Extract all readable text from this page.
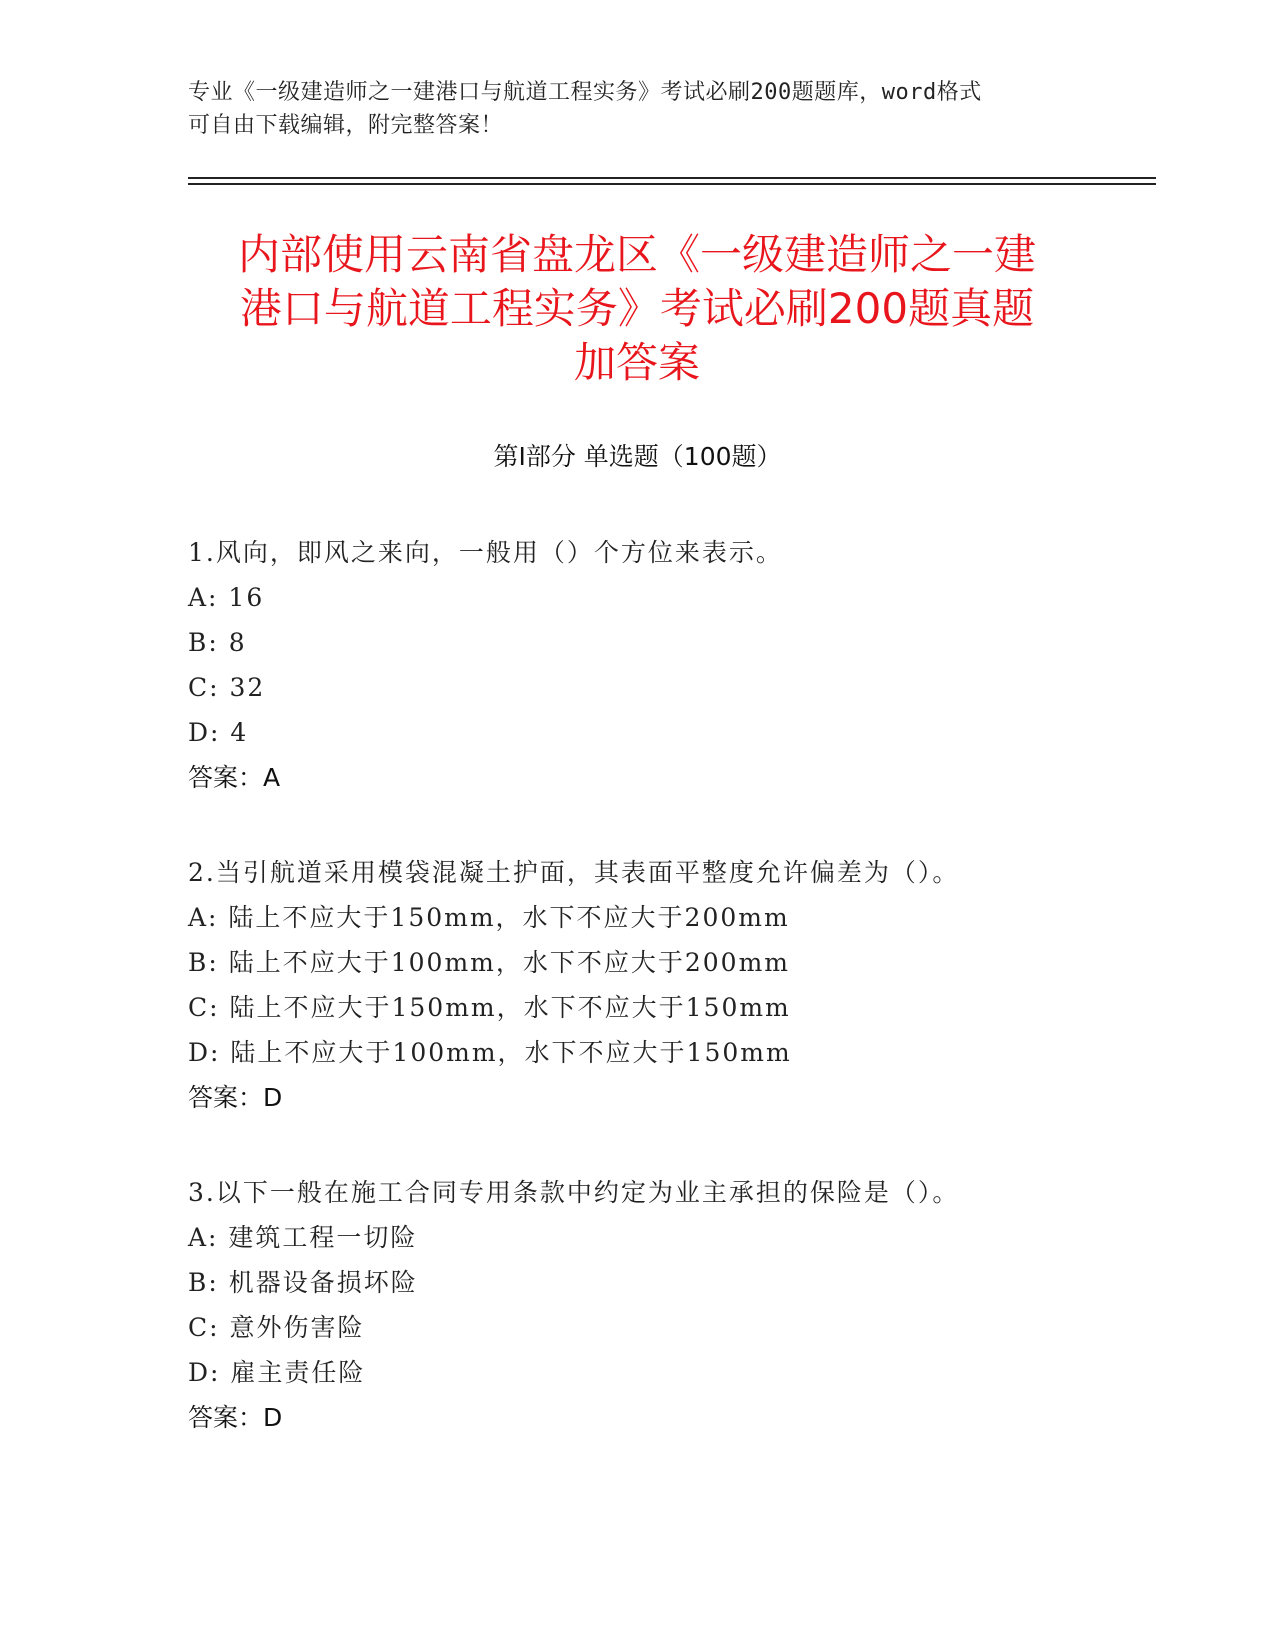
专业《一级建造师之一建港口与航道工程实务》考试必刷200题题库，word格式
可自由下载编辑，附完整答案！
内部使用云南省盘龙区《一级建造师之一建
港口与航道工程实务》考试必刷200题真题
加答案
第Ⅰ部分 单选题（100题）
1.风向，即风之来向，一般用（）个方位来表示。
A: 16
B: 8
C: 32
D: 4
答案：A
2.当引航道采用模袋混凝土护面，其表面平整度允许偏差为（）。
A: 陆上不应大于150mm，水下不应大于200mm
B: 陆上不应大于100mm，水下不应大于200mm
C: 陆上不应大于150mm，水下不应大于150mm
D: 陆上不应大于100mm，水下不应大于150mm
答案：D
3.以下一般在施工合同专用条款中约定为业主承担的保险是（）。
A: 建筑工程一切险
B: 机器设备损坏险
C: 意外伤害险
D: 雇主责任险
答案：D
